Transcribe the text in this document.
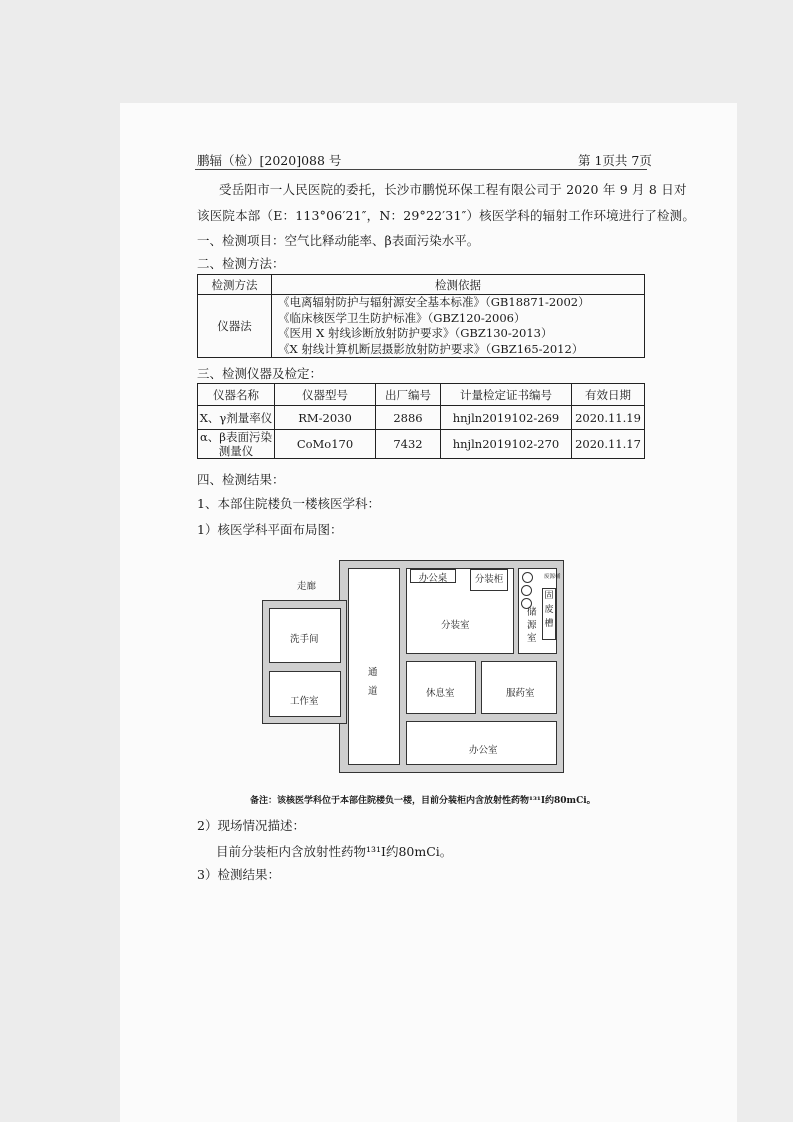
鹏辐（检）[2020]088 号	第 1页共 7页
受岳阳市一人民医院的委托，长沙市鹏悦环保工程有限公司于 2020 年 9 月 8 日对
该医院本部（E：113°06′21″，N：29°22′31″）核医学科的辐射工作环境进行了检测。
一、检测项目：空气比释动能率、β表面污染水平。
二、检测方法：
检测方法	检测依据
仪器法	《电离辐射防护与辐射源安全基本标准》（GB18871-2002）
《临床核医学卫生防护标准》（GBZ120-2006）
《医用 X 射线诊断放射防护要求》（GBZ130-2013）
《X 射线计算机断层摄影放射防护要求》（GBZ165-2012）
三、检测仪器及检定：
仪器名称	仪器型号	出厂编号	计量检定证书编号	有效日期
X、γ剂量率仪	RM-2030	2886	hnjln2019102-269	2020.11.19
α、β表面污染测量仪	CoMo170	7432	hnjln2019102-270	2020.11.17
四、检测结果：
1、本部住院楼负一楼核医学科：
1）核医学科平面布局图：
办公桌	分装柜
固
废
槽
废源桶
走廊
洗手间
工作室
通
道
分装室
储
源
室
休息室	服药室
办公室
备注：该核医学科位于本部住院楼负一楼，目前分装柜内含放射性药物¹³¹I约80mCi。
2）现场情况描述：
目前分装柜内含放射性药物¹³¹I约80mCi。
3）检测结果：
